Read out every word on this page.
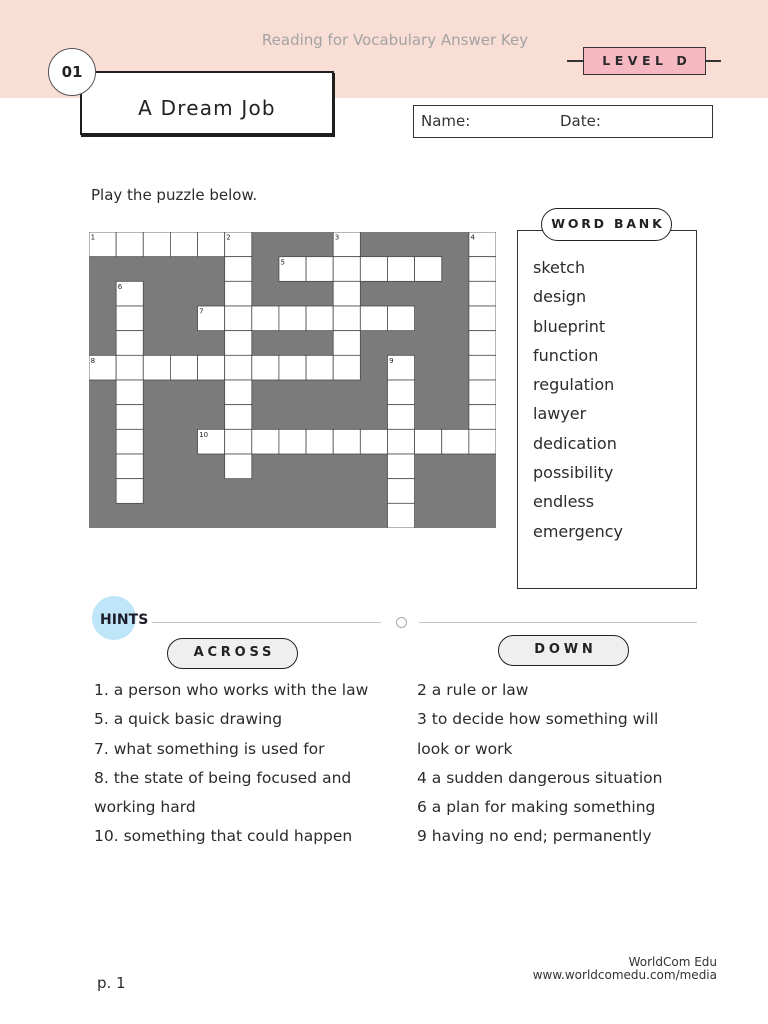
Reading for Vocabulary Answer Key
LEVEL D
A Dream Job
01
Name:	Date:
Play the puzzle below.
1	2	3	4
5
6
7
8	9
10
WORD BANK
sketch
design
blueprint
function
regulation
lawyer
dedication
possibility
endless
emergency
HINTS
ACROSS	DOWN
1. a person who works with the law
5. a quick basic drawing
7. what something is used for
8. the state of being focused and working hard
10. something that could happen
2 a rule or law
3 to decide how something will look or work
4 a sudden dangerous situation
6 a plan for making something
9 having no end; permanently
WorldCom Edu
www.worldcomedu.com/media
p. 1
